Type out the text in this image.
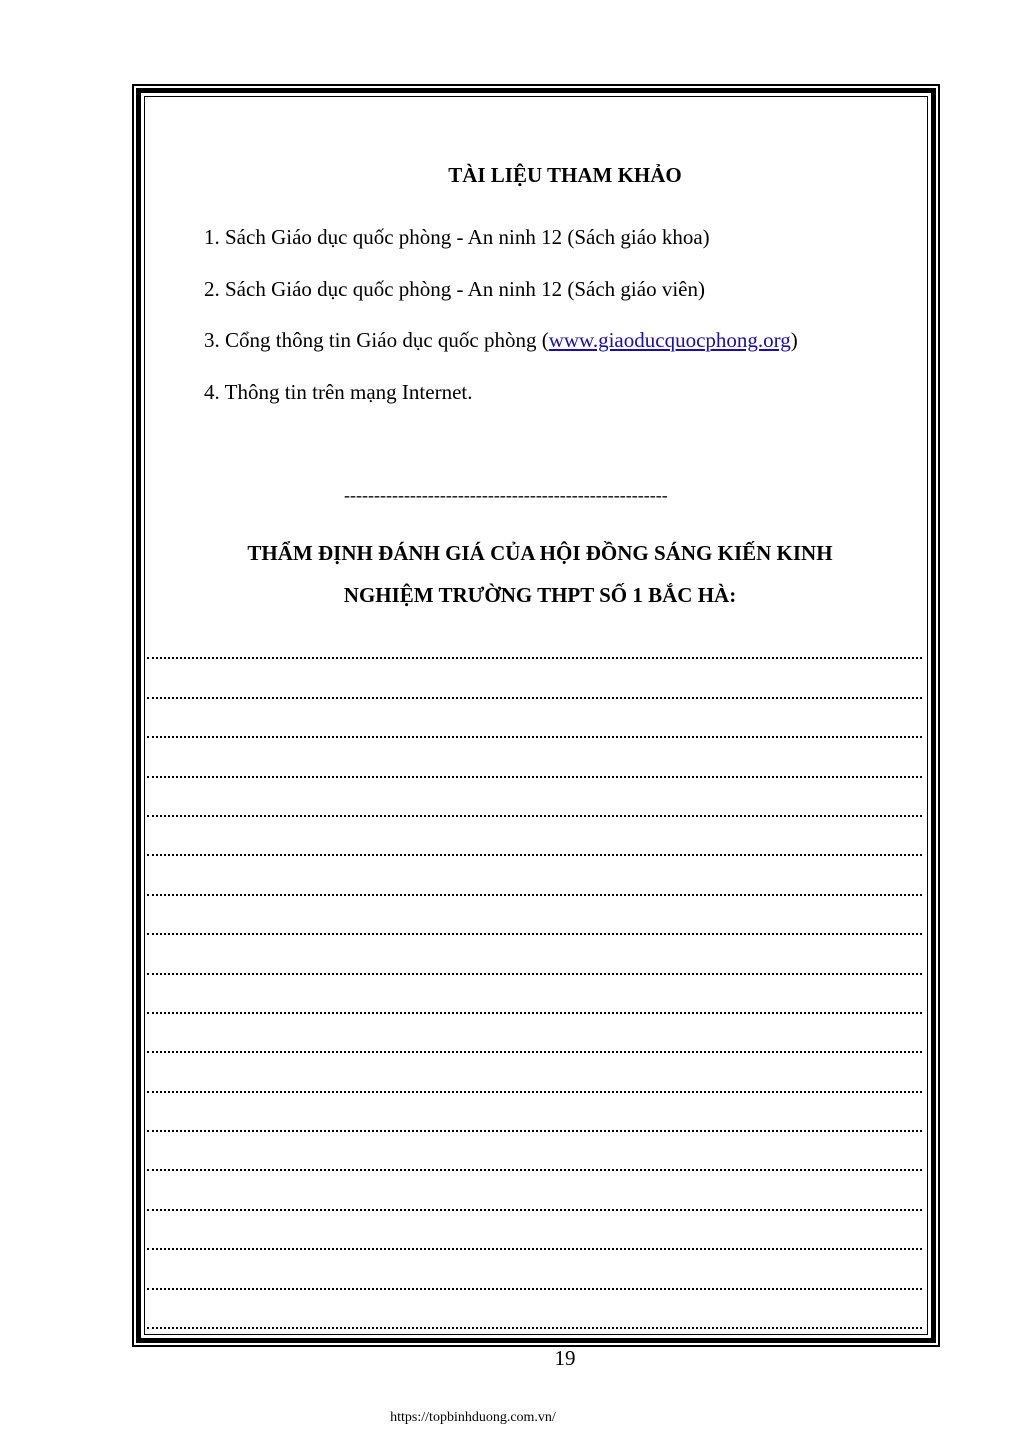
TÀI LIỆU THAM KHẢO
1. Sách Giáo dục quốc phòng - An ninh 12 (Sách giáo khoa)
2. Sách Giáo dục quốc phòng - An ninh 12 (Sách giáo viên)
3. Cổng thông tin Giáo dục quốc phòng (www.giaoducquocphong.org)
4. Thông tin trên mạng Internet.
------------------------------------------------------
THẨM ĐỊNH ĐÁNH GIÁ CỦA HỘI ĐỒNG SÁNG KIẾN KINH
NGHIỆM TRƯỜNG THPT SỐ 1 BẮC HÀ:
19
https://topbinhduong.com.vn/
